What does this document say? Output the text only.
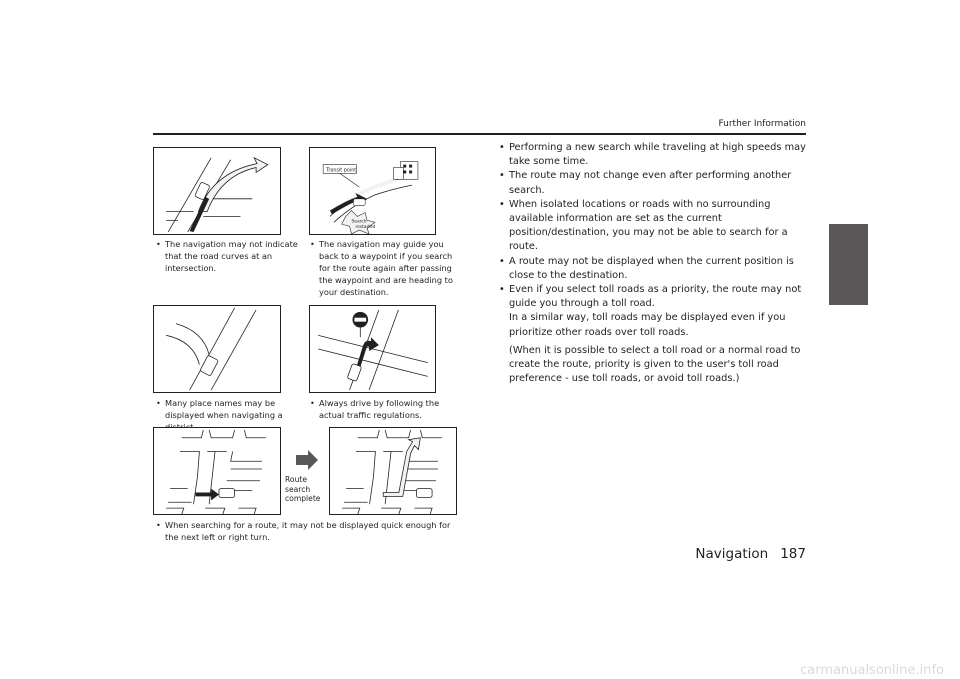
Further Information
Transit point
Search
restarted
• The navigation may not indicate that the road curves at an intersection.
• The navigation may guide you back to a waypoint if you search for the route again after passing the waypoint and are heading to your destination.
• Many place names may be displayed when navigating a
• Always drive by following the actual traffic regulations.
Route
search
complete
• When searching for a route, it may not be displayed quick enough for the next left or right turn.
• Performing a new search while traveling at high speeds may take some time.
• The route may not change even after performing another search.
• When isolated locations or roads with no surrounding available information are set as the current position/destination, you may not be able to search for a route.
• A route may not be displayed when the current position is close to the destination.
• Even if you select toll roads as a priority, the route may not guide you through a toll road.
In a similar way, toll roads may be displayed even if you prioritize other roads over toll roads.
(When it is possible to select a toll road or a normal road to create the route, priority is given to the user's toll road preference - use toll roads, or avoid toll roads.)
Navigation 187
carmanualsonline.info
